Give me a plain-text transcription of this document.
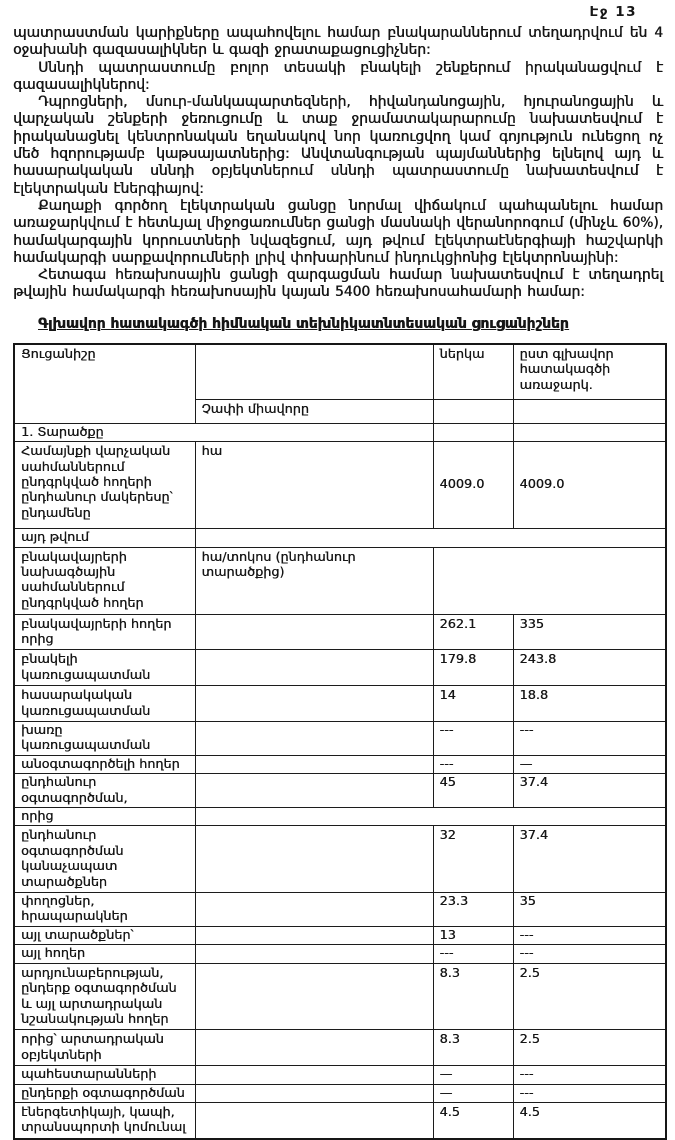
Էջ 13

պատրաստման կարիքները ապահովելու համար բնակարաններում տեղադրվում են 4 օջախանի գազասալիկներ և գազի ջրատաքացուցիչներ:

Սննդի պատրաստումը բոլոր տեսակի բնակելի շենքերում իրականացվում է գազասալիկներով:

Դպրոցների, մսուր-մանկապարտեզների, հիվանդանոցային, հյուրանոցային և վարչական շենքերի ջեռուցումը և տաք ջրամատակարարումը նախատեսվում է իրականացնել կենտրոնական եղանակով նոր կառուցվող կամ գոյություն ունեցող ոչ մեծ հզորությամբ կաթսայատներից: Անվտանգության պայմաններից ելնելով այդ և հասարակական սննդի օբյեկտներում սննդի պատրաստումը նախատեսվում է էլեկտրական էներգիայով:

Քաղաքի գործող էլեկտրական ցանցը նորմալ վիճակում պահպանելու համար առաջարկվում է հետևյալ միջոցառումներ ցանցի մասնակի վերանորոգում (մինչև 60%), համակարգային կորուստների նվազեցում, այդ թվում էլեկտրաէներգիայի հաշվարկի համակարգի սարքավորումների լրիվ փոխարինում ինդուկցիոնից էլեկտրոնայինի:

Հետագա հեռախոսային ցանցի զարգացման համար նախատեսվում է տեղադրել թվային համակարգի հեռախոսային կայան 5400 հեռախոսահամարի համար:

Գլխավոր հատակագծի հիմնական տեխնիկատնտեսական ցուցանիշներ
Ցուցանիշը		ներկա	ըստ գլխավոր հատակագծի առաջարկ.
	Չափի միավորը		
1. Տարածքը			
Համայնքի վարչական սահմաններում ընդգրկված հողերի ընդհանուր մակերեսը՝ ընդամենը	հա	4009.0	4009.0
այդ թվում			
բնակավայրերի նախագծային սահմաններում ընդգրկված հողեր	հա/տոկոս (ընդհանուր տարածքից)		
բնակավայրերի հողեր որից		262.1	335
բնակելի կառուցապատման		179.8	243.8
հասարակական կառուցապատման		14	18.8
խառը կառուցապատման		---	---
անօգտագործելի հողեր		---	—
ընդհանուր օգտագործման,		45	37.4
որից			
ընդհանուր օգտագործման կանաչապատ տարածքներ		32	37.4
փողոցներ, հրապարակներ		23.3	35
այլ տարածքներ՝		13	---
այլ հողեր		---	---
արդյունաբերության, ընդերք օգտագործման և այլ արտադրական նշանակության հողեր		8.3	2.5
որից՝ արտադրական օբյեկտների		8.3	2.5
պահեստարանների		—	---
ընդերքի օգտագործման		—	---
էներգետիկայի, կապի, տրանսպորտի կոմունալ		4.5	4.5
